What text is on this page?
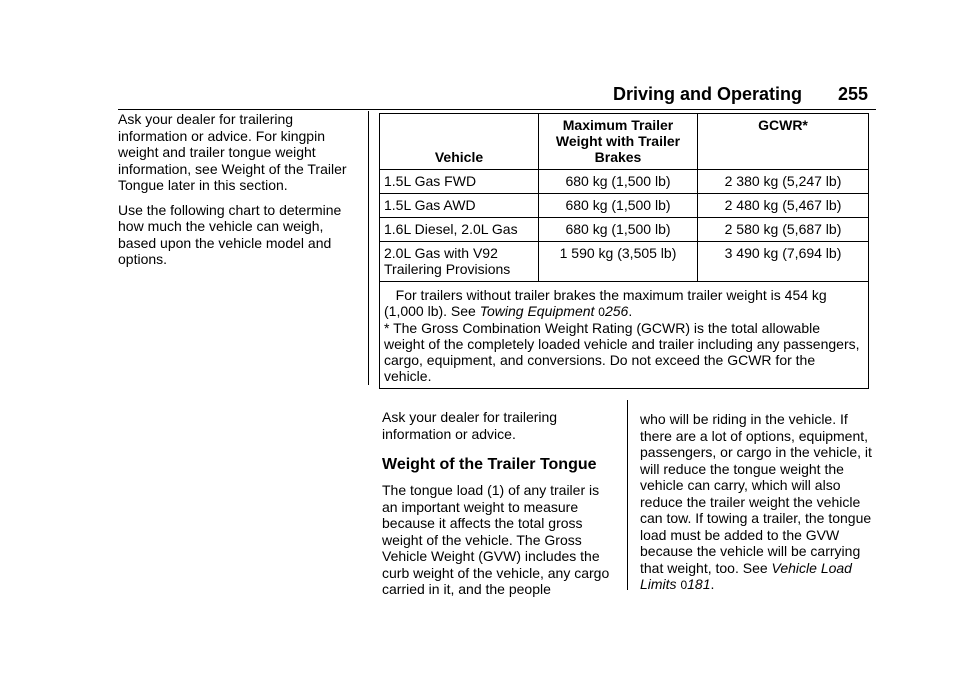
Driving and Operating 255

Ask your dealer for trailering information or advice. For kingpin weight and trailer tongue weight information, see Weight of the Trailer Tongue later in this section.

Use the following chart to determine how much the vehicle can weigh, based upon the vehicle model and options.

Vehicle	Maximum Trailer Weight with Trailer Brakes	GCWR*
1.5L Gas FWD	680 kg (1,500 lb)	2 380 kg (5,247 lb)
1.5L Gas AWD	680 kg (1,500 lb)	2 480 kg (5,467 lb)
1.6L Diesel, 2.0L Gas	680 kg (1,500 lb)	2 580 kg (5,687 lb)
2.0L Gas with V92 Trailering Provisions	1 590 kg (3,505 lb)	3 490 kg (7,694 lb)

For trailers without trailer brakes the maximum trailer weight is 454 kg (1,000 lb). See Towing Equipment 0256.
* The Gross Combination Weight Rating (GCWR) is the total allowable weight of the completely loaded vehicle and trailer including any passengers, cargo, equipment, and conversions. Do not exceed the GCWR for the vehicle.		

Ask your dealer for trailering information or advice.

Weight of the Trailer Tongue

The tongue load (1) of any trailer is an important weight to measure because it affects the total gross weight of the vehicle. The Gross Vehicle Weight (GVW) includes the curb weight of the vehicle, any cargo carried in it, and the people

who will be riding in the vehicle. If there are a lot of options, equipment, passengers, or cargo in the vehicle, it will reduce the tongue weight the vehicle can carry, which will also reduce the trailer weight the vehicle can tow. If towing a trailer, the tongue load must be added to the GVW because the vehicle will be carrying that weight, too. See Vehicle Load Limits 0181.
